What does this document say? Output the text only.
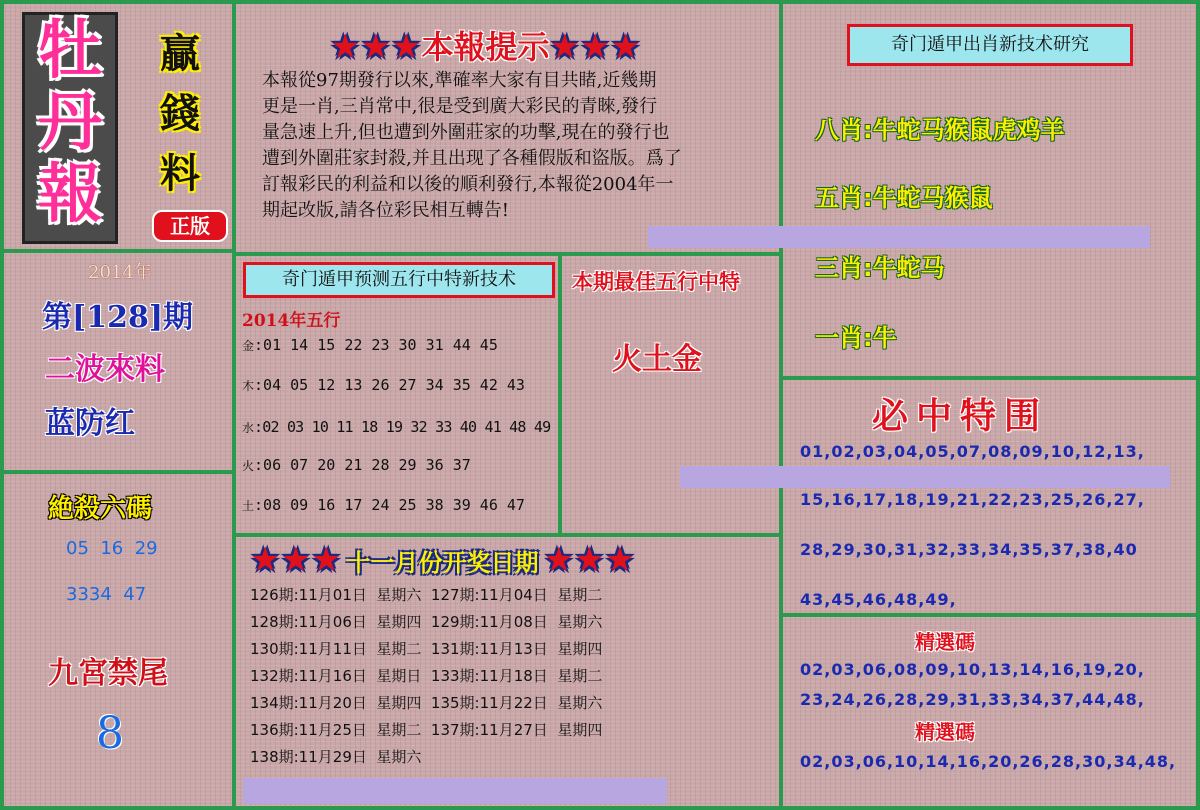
牡
丹
報
贏
錢
料
正版
2014年
第[128]期
二波來料
蓝防红
絶殺六碼
05  16  29
3334  47
九宮禁尾
8
★★★本報提示★★★
本報從97期發行以來,準確率大家有目共睹,近幾期
更是一肖,三肖常中,很是受到廣大彩民的青睞,發行
量急速上升,但也遭到外圍莊家的功擊,現在的發行也
遭到外圍莊家封殺,并且出现了各種假版和盜版。爲了
訂報彩民的利益和以後的順利發行,本報從2004年一
期起改版,請各位彩民相互轉告!
奇门遁甲预测五行中特新技术
2014年五行
金:01 14 15 22 23 30 31 44 45
木:04 05 12 13 26 27 34 35 42 43
水:02 03 10 11 18 19 32 33 40 41 48 49
火:06 07 20 21 28 29 36 37
土:08 09 16 17 24 25 38 39 46 47
本期最佳五行中特
火土金
★★★ 十一月份开奖日期 ★★★
126期:11月01日  星期六  127期:11月04日  星期二
128期:11月06日  星期四  129期:11月08日  星期六
130期:11月11日  星期二  131期:11月13日  星期四
132期:11月16日  星期日  133期:11月18日  星期二
134期:11月20日  星期四  135期:11月22日  星期六
136期:11月25日  星期二  137期:11月27日  星期四
138期:11月29日  星期六
奇门遁甲出肖新技术研究
八肖:牛蛇马猴鼠虎鸡羊
五肖:牛蛇马猴鼠
三肖:牛蛇马
一肖:牛
必中特围
01,02,03,04,05,07,08,09,10,12,13,
15,16,17,18,19,21,22,23,25,26,27,
28,29,30,31,32,33,34,35,37,38,40
43,45,46,48,49,
精選碼
02,03,06,08,09,10,13,14,16,19,20,
23,24,26,28,29,31,33,34,37,44,48,
精選碼
02,03,06,10,14,16,20,26,28,30,34,48,
